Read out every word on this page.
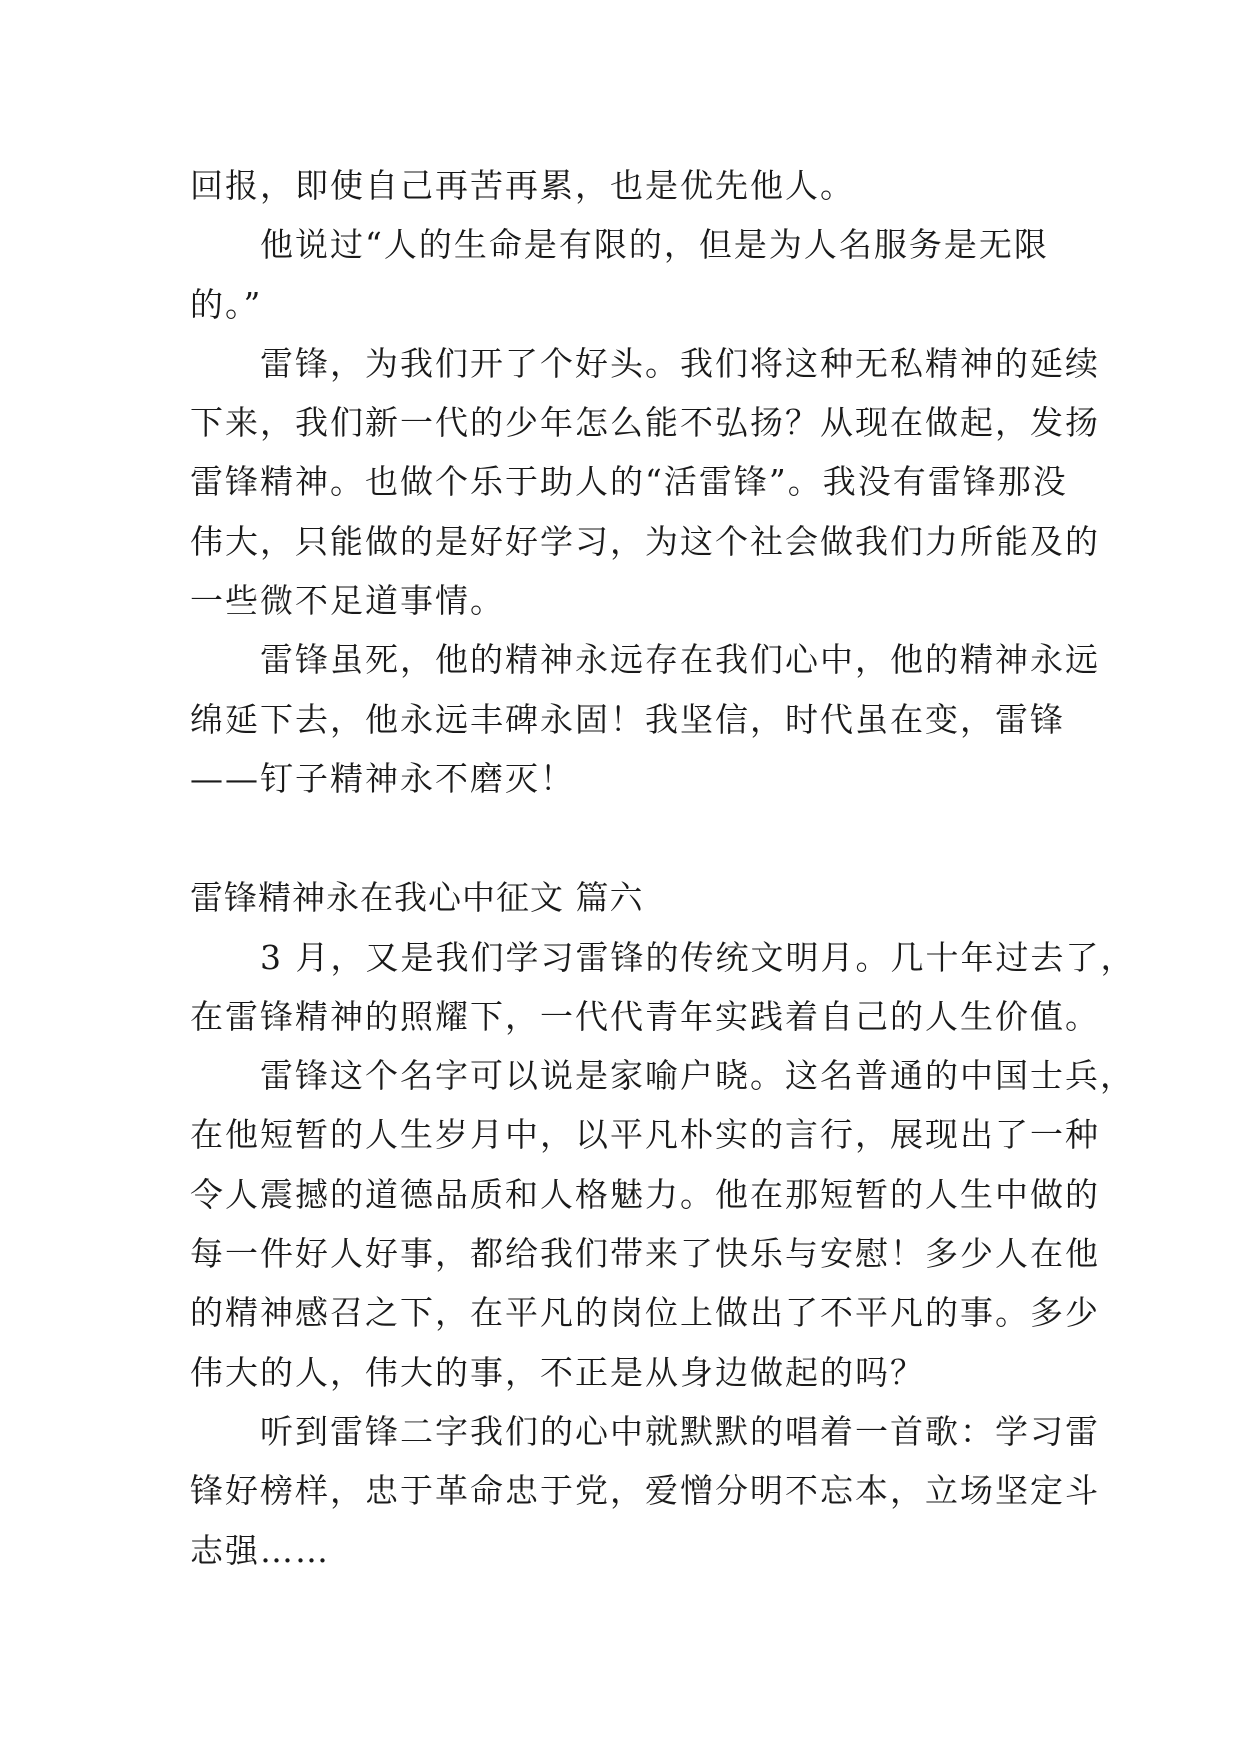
回报，即使自己再苦再累，也是优先他人。
　　他说过“人的生命是有限的，但是为人名服务是无限
的。”
　　雷锋，为我们开了个好头。我们将这种无私精神的延续
下来，我们新一代的少年怎么能不弘扬？从现在做起，发扬
雷锋精神。也做个乐于助人的“活雷锋”。我没有雷锋那没
伟大，只能做的是好好学习，为这个社会做我们力所能及的
一些微不足道事情。
　　雷锋虽死，他的精神永远存在我们心中，他的精神永远
绵延下去，他永远丰碑永固！我坚信，时代虽在变，雷锋
——钉子精神永不磨灭！
雷锋精神永在我心中征文 篇六
　　3 月，又是我们学习雷锋的传统文明月。几十年过去了，
在雷锋精神的照耀下，一代代青年实践着自己的人生价值。
　　雷锋这个名字可以说是家喻户晓。这名普通的中国士兵，
在他短暂的人生岁月中，以平凡朴实的言行，展现出了一种
令人震撼的道德品质和人格魅力。他在那短暂的人生中做的
每一件好人好事，都给我们带来了快乐与安慰！多少人在他
的精神感召之下，在平凡的岗位上做出了不平凡的事。多少
伟大的人，伟大的事，不正是从身边做起的吗？
　　听到雷锋二字我们的心中就默默的唱着一首歌：学习雷
锋好榜样，忠于革命忠于党，爱憎分明不忘本，立场坚定斗
志强……
